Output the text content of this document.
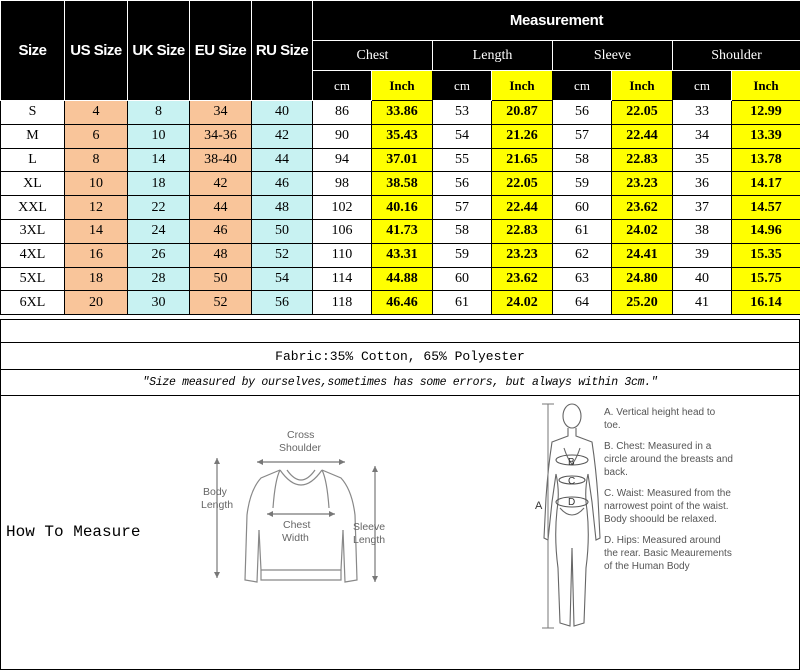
Size	US Size	UK Size	EU Size	RU Size	Measurement							
					Chest		Length		Sleeve		Shoulder	
					cm	Inch	cm	Inch	cm	Inch	cm	Inch
S	4	8	34	40	86	33.86	53	20.87	56	22.05	33	12.99
M	6	10	34-36	42	90	35.43	54	21.26	57	22.44	34	13.39
L	8	14	38-40	44	94	37.01	55	21.65	58	22.83	35	13.78
XL	10	18	42	46	98	38.58	56	22.05	59	23.23	36	14.17
XXL	12	22	44	48	102	40.16	57	22.44	60	23.62	37	14.57
3XL	14	24	46	50	106	41.73	58	22.83	61	24.02	38	14.96
4XL	16	26	48	52	110	43.31	59	23.23	62	24.41	39	15.35
5XL	18	28	50	54	114	44.88	60	23.62	63	24.80	40	15.75
6XL	20	30	52	56	118	46.46	61	24.02	64	25.20	41	16.14
Fabric:35% Cotton, 65% Polyester
"Size measured by ourselves,sometimes has some errors, but always within 3cm."
How To Measure
Cross
Shoulder
Body
Length
Chest
Width
Sleeve
Length
A
B
C
D

A. Vertical height head to toe.

B. Chest: Measured in a circle around the breasts and back.

C. Waist: Measured from the narrowest point of the waist. Body shoould be relaxed.

D. Hips: Measured around the rear. Basic Meaurements of the Human Body
